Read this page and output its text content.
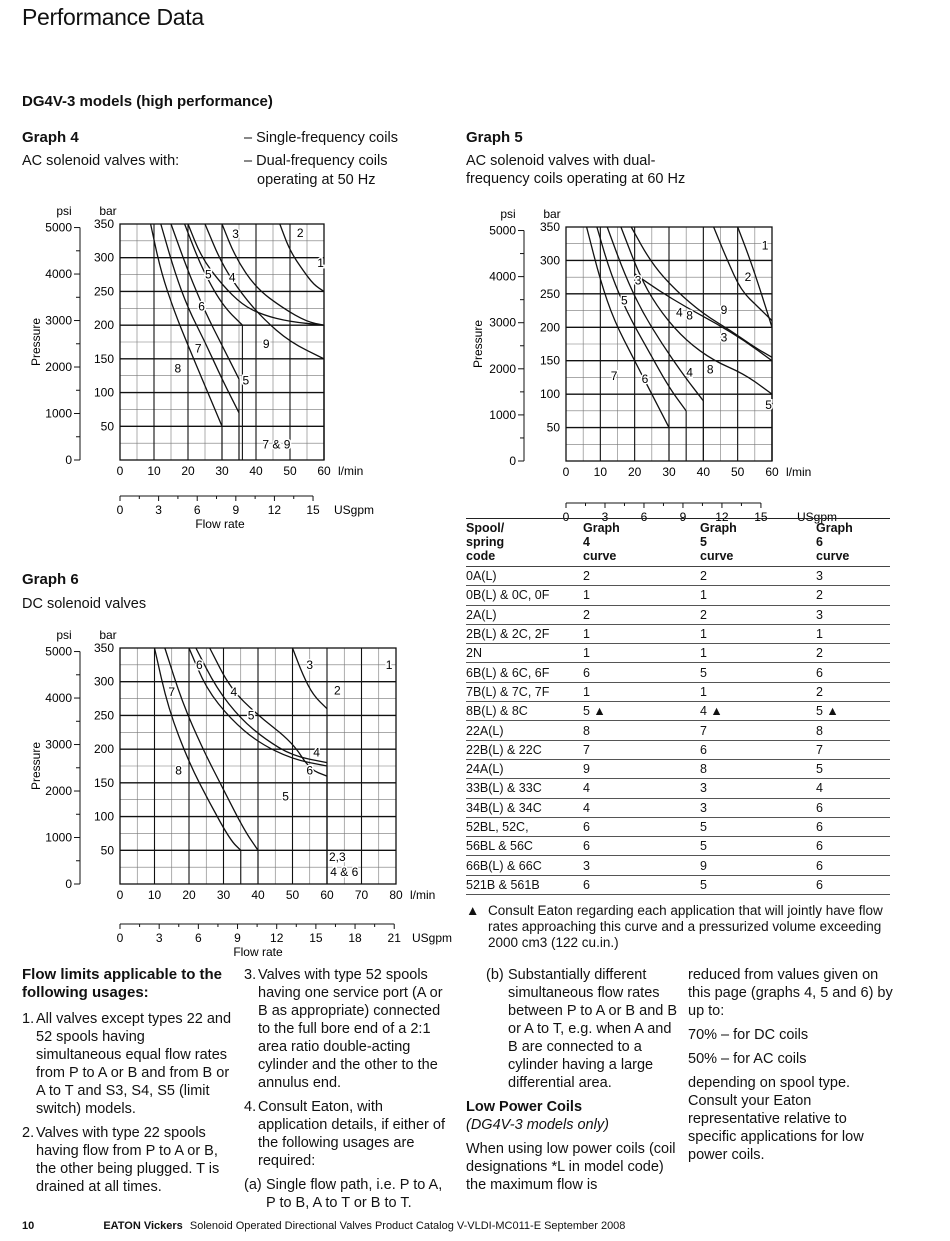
Performance Data
DG4V-3 models (high performance)
Graph 4
AC solenoid valves with:
– Single-frequency coils
– Dual-frequency coils
operating at 50 Hz
Graph 5
AC solenoid valves with dual-
frequency coils operating at 60 Hz
Graph 6
DC solenoid valves
0
1000
2000
3000
4000
5000
psi bar
50
100
150
200
250
300
350
Pressure
0 10 20 30 40 50 60 l/min
0	3	6	9 12 15 USgpm
Flow rate
3	2
1
5 4
6
9
7
8
5
7 & 9
0
1000
2000
3000
4000
5000
psi bar
50
100
150
200
250
300
350
Pressure
0 10 20 30 40 50 60 l/min
0	3	6	9 12 15 USgpm
1
2
3
5
4 8 9
3
7 6	4 8
5
0
1000
2000
3000
4000
5000
psi bar
50
100
150
200
250
300
350
Pressure
0 10 20 30 40 50 60 70 80 l/min
0	3	6	9 12 15 18 21 USgpm
Flow rate
6	3	1
7	4	2
5
4
6
8
5
2,3
4 & 6
Spool/
spring
code	Graph
4
curve	Graph
5
curve	Graph
6
curve
0A(L)	2	2	3
0B(L) & 0C, 0F	1	1	2
2A(L)	2	2	3
2B(L) & 2C, 2F	1	1	1
2N	1	1	2
6B(L) & 6C, 6F	6	5	6
7B(L) & 7C, 7F	1	1	2
8B(L) & 8C	5 ▲	4 ▲	5 ▲
22A(L)	8	7	8
22B(L) & 22C	7	6	7
24A(L)	9	8	5
33B(L) & 33C	4	3	4
34B(L) & 34C	4	3	6
52BL, 52C,	6	5	6
56BL & 56C	6	5	6
66B(L) & 66C	3	9	6
521B & 561B	6	5	6
▲ Consult Eaton regarding each application that will jointly have flow rates approaching this curve and a pressurized volume exceeding 2000 cm3 (122 cu.in.)
Flow limits applicable to the following usages:
1. All valves except types 22 and 52 spools having simultaneous equal flow rates from P to A or B and from B or A to T and S3, S4, S5 (limit switch) models.
2. Valves with type 22 spools having flow from P to A or B, the other being plugged. T is drained at all times.
3. Valves with type 52 spools having one service port (A or B as appropriate) connected to the full bore end of a 2:1 area ratio double-acting cylinder and the other to the annulus end.
4. Consult Eaton, with application details, if either of the following usages are required:
(a) Single flow path, i.e. P to A, P to B, A to T or B to T.
(b) Substantially different simultaneous flow rates between P to A or B and B or A to T, e.g. when A and B are connected to a cylinder having a large differential area.
Low Power Coils
(DG4V-3 models only)

When using low power coils (coil designations *L in model code) the maximum flow is

reduced from values given on this page (graphs 4, 5 and 6) by up to:

70% – for DC coils

50% – for AC coils

depending on spool type. Consult your Eaton representative relative to specific applications for low power coils.

10	EATON Vickers Solenoid Operated Directional Valves Product Catalog V-VLDI-MC011-E September 2008
